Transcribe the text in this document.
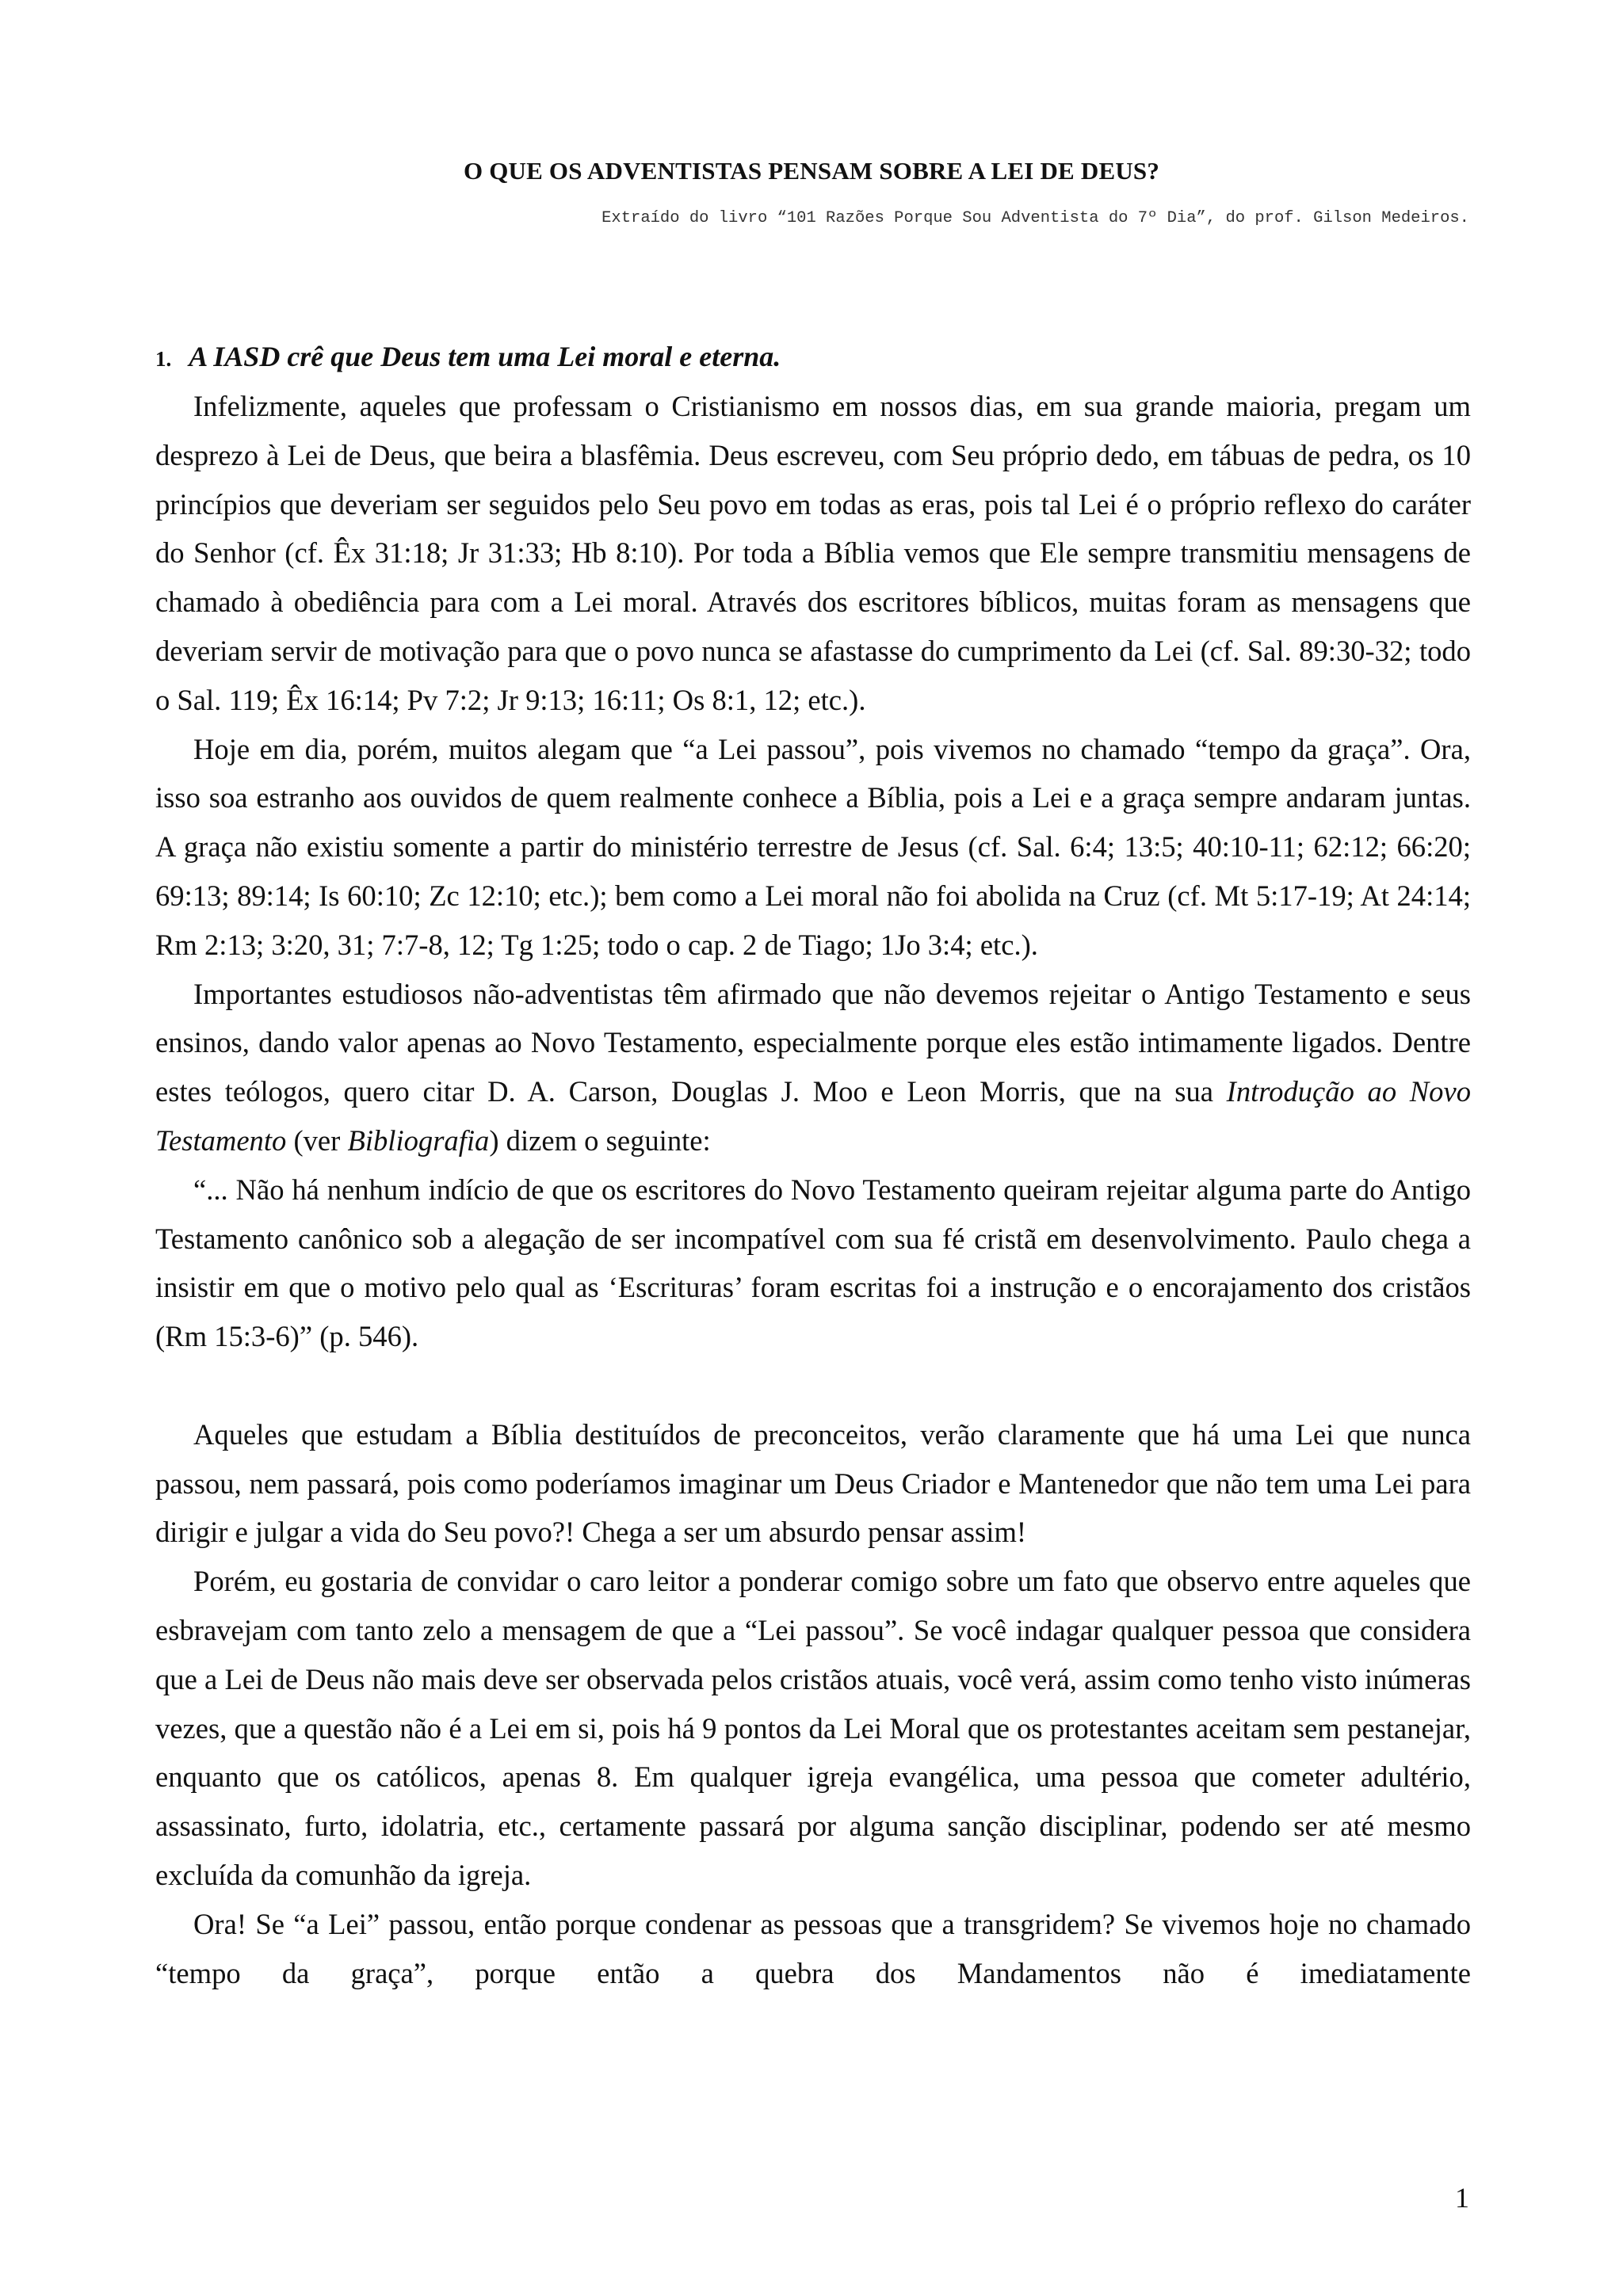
O QUE OS ADVENTISTAS PENSAM SOBRE A LEI DE DEUS?
Extraído do livro “101 Razões Porque Sou Adventista do 7º Dia”, do prof. Gilson Medeiros.
1. A IASD crê que Deus tem uma Lei moral e eterna.

Infelizmente, aqueles que professam o Cristianismo em nossos dias, em sua grande maioria, pregam um desprezo à Lei de Deus, que beira a blasfêmia. Deus escreveu, com Seu próprio dedo, em tábuas de pedra, os 10 princípios que deveriam ser seguidos pelo Seu povo em todas as eras, pois tal Lei é o próprio reflexo do caráter do Senhor (cf. Êx 31:18; Jr 31:33; Hb 8:10). Por toda a Bíblia vemos que Ele sempre transmitiu mensagens de chamado à obediência para com a Lei moral. Através dos escritores bíblicos, muitas foram as mensagens que deveriam servir de motivação para que o povo nunca se afastasse do cumprimento da Lei (cf. Sal. 89:30-32; todo o Sal. 119; Êx 16:14; Pv 7:2; Jr 9:13; 16:11; Os 8:1, 12; etc.).

Hoje em dia, porém, muitos alegam que “a Lei passou”, pois vivemos no chamado “tempo da graça”. Ora, isso soa estranho aos ouvidos de quem realmente conhece a Bíblia, pois a Lei e a graça sempre andaram juntas. A graça não existiu somente a partir do ministério terrestre de Jesus (cf. Sal. 6:4; 13:5; 40:10-11; 62:12; 66:20; 69:13; 89:14; Is 60:10; Zc 12:10; etc.); bem como a Lei moral não foi abolida na Cruz (cf. Mt 5:17-19; At 24:14; Rm 2:13; 3:20, 31; 7:7-8, 12; Tg 1:25; todo o cap. 2 de Tiago; 1Jo 3:4; etc.).

Importantes estudiosos não-adventistas têm afirmado que não devemos rejeitar o Antigo Testamento e seus ensinos, dando valor apenas ao Novo Testamento, especialmente porque eles estão intimamente ligados. Dentre estes teólogos, quero citar D. A. Carson, Douglas J. Moo e Leon Morris, que na sua Introdução ao Novo Testamento (ver Bibliografia) dizem o seguinte:

“... Não há nenhum indício de que os escritores do Novo Testamento queiram rejeitar alguma parte do Antigo Testamento canônico sob a alegação de ser incompatível com sua fé cristã em desenvolvimento. Paulo chega a insistir em que o motivo pelo qual as ‘Escrituras’ foram escritas foi a instrução e o encorajamento dos cristãos (Rm 15:3-6)” (p. 546).

Aqueles que estudam a Bíblia destituídos de preconceitos, verão claramente que há uma Lei que nunca passou, nem passará, pois como poderíamos imaginar um Deus Criador e Mantenedor que não tem uma Lei para dirigir e julgar a vida do Seu povo?! Chega a ser um absurdo pensar assim!

Porém, eu gostaria de convidar o caro leitor a ponderar comigo sobre um fato que observo entre aqueles que esbravejam com tanto zelo a mensagem de que a “Lei passou”. Se você indagar qualquer pessoa que considera que a Lei de Deus não mais deve ser observada pelos cristãos atuais, você verá, assim como tenho visto inúmeras vezes, que a questão não é a Lei em si, pois há 9 pontos da Lei Moral que os protestantes aceitam sem pestanejar, enquanto que os católicos, apenas 8. Em qualquer igreja evangélica, uma pessoa que cometer adultério, assassinato, furto, idolatria, etc., certamente passará por alguma sanção disciplinar, podendo ser até mesmo excluída da comunhão da igreja.

Ora! Se “a Lei” passou, então porque condenar as pessoas que a transgridem? Se vivemos hoje no chamado “tempo da graça”, porque então a quebra dos Mandamentos não é imediatamente

1
